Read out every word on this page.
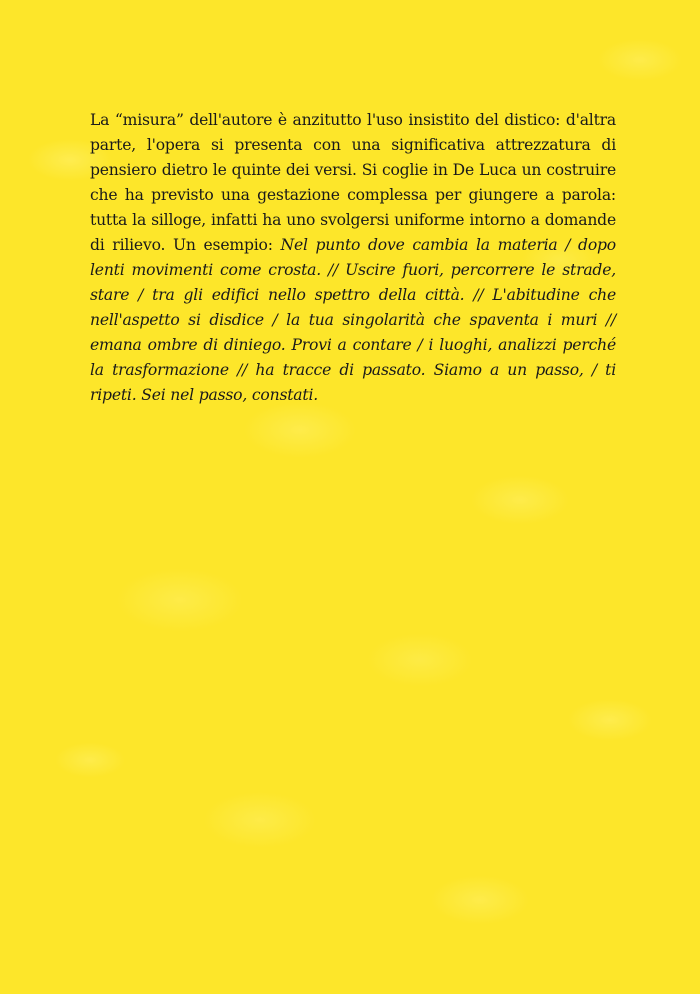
La “misura” dell'autore è anzitutto l'uso insistito del distico: d'altra parte, l'opera si presenta con una significativa attrezzatura di pensiero dietro le quinte dei versi. Si coglie in De Luca un costruire che ha previsto una gestazione complessa per giungere a parola: tutta la silloge, infatti ha uno svolgersi uniforme intorno a domande di rilievo. Un esempio: Nel punto dove cambia la materia / dopo lenti movimenti come crosta. // Uscire fuori, percorrere le strade, stare / tra gli edifici nello spettro della città. // L'abitudine che nell'aspetto si disdice / la tua singolarità che spaventa i muri // emana ombre di diniego. Provi a contare / i luoghi, analizzi perché la trasformazione // ha tracce di passato. Siamo a un passo, / ti ripeti. Sei nel passo, constati.
